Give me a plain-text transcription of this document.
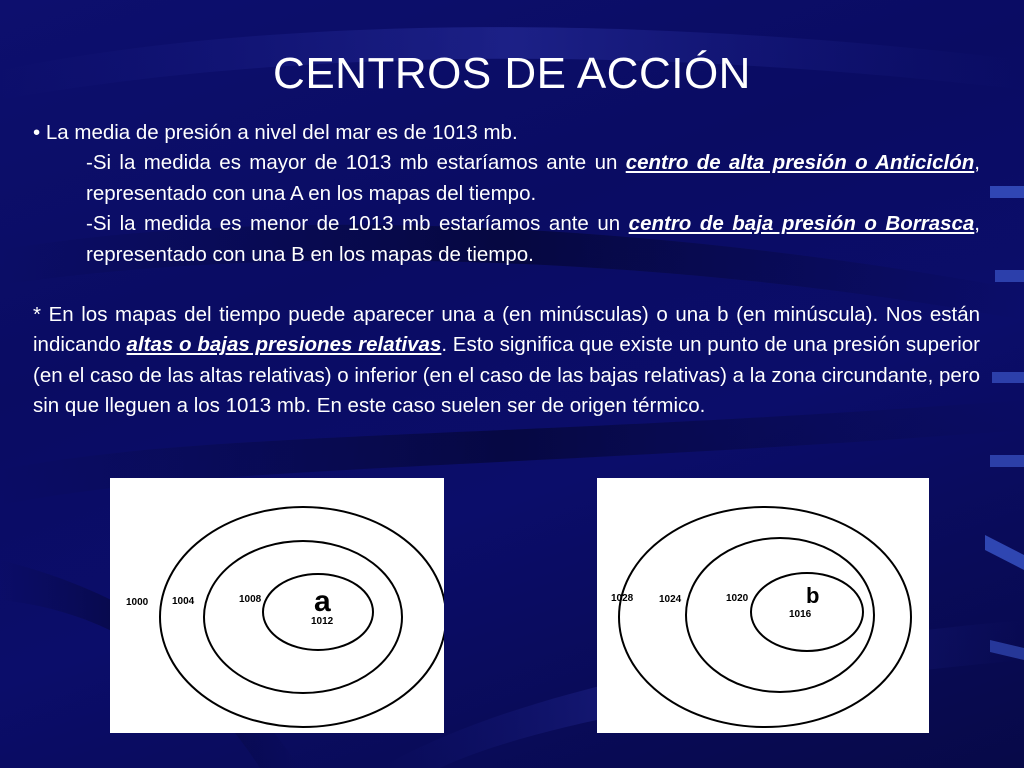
CENTROS DE ACCIÓN

• La media de presión a nivel del mar es de 1013 mb.

-Si la medida es mayor de 1013 mb estaríamos ante un centro de alta presión o Anticiclón, representado con una A en los mapas del tiempo.

-Si la medida es menor de 1013 mb estaríamos ante un centro de baja presión o Borrasca, representado con una B en los mapas de tiempo.

* En los mapas del tiempo puede aparecer una a (en minúsculas) o una b (en minúscula). Nos están indicando altas o bajas presiones relativas. Esto significa que existe un punto de una presión superior (en el caso de las altas relativas) o inferior (en el caso de las bajas relativas) a la zona circundante, pero sin que lleguen a los 1013 mb. En este caso suelen ser de origen térmico.

1000 1004	1008 a
1012
1028	1024	1020	b
1016
